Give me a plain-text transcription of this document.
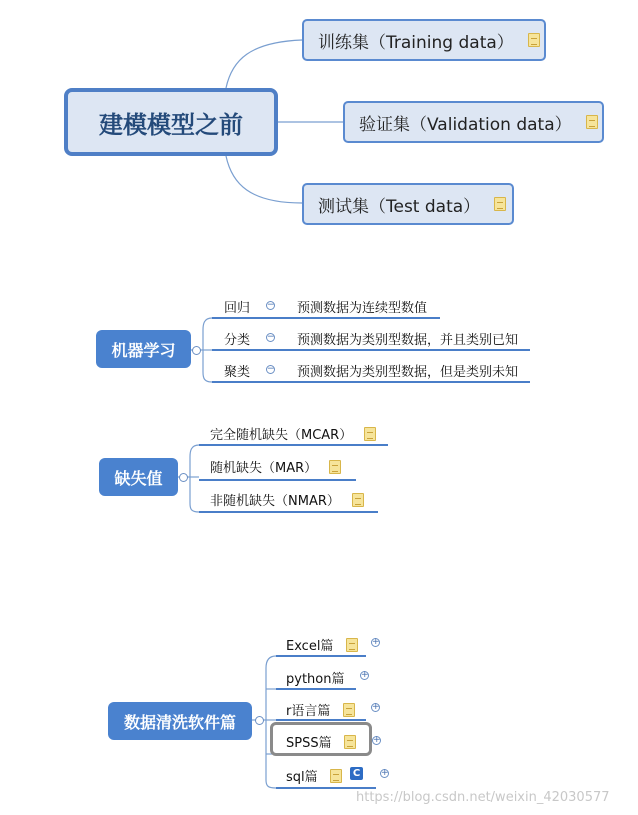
建模模型之前
训练集（Training data）
验证集（Validation data）
测试集（Test data）
机器学习
回归 − 预测数据为连续型数值
分类 − 预测数据为类别型数据，并且类别已知
聚类 − 预测数据为类别型数据，但是类别未知
缺失值
完全随机缺失（MCAR）
随机缺失（MAR）
非随机缺失（NMAR）
数据清洗软件篇
Excel篇	+
python篇 +
r语言篇	+
SPSS篇	+
sql篇	C	+
https://blog.csdn.net/weixin_42030577
